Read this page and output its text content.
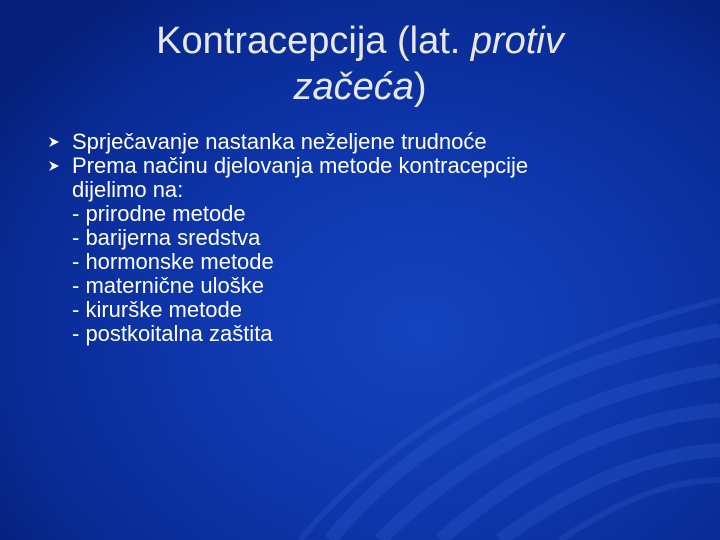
Kontracepcija (lat. protiv
začeća)
Sprječavanje nastanka neželjene trudnoće
Prema načinu djelovanja metode kontracepcije
dijelimo na:
- prirodne metode
- barijerna sredstva
- hormonske metode
- maternične uloške
- kirurške metode
- postkoitalna zaštita
